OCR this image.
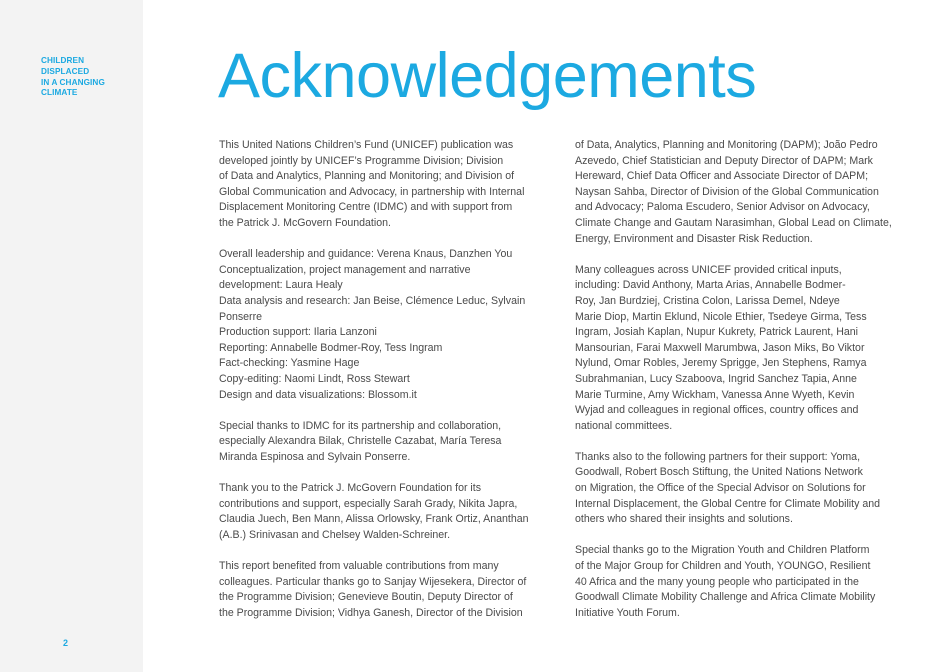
CHILDREN
DISPLACED
IN A CHANGING
CLIMATE
2
Acknowledgements
This United Nations Children’s Fund (UNICEF) publication was
developed jointly by UNICEF’s Programme Division; Division
of Data and Analytics, Planning and Monitoring; and Division of
Global Communication and Advocacy, in partnership with Internal
Displacement Monitoring Centre (IDMC) and with support from
the Patrick J. McGovern Foundation.
Overall leadership and guidance: Verena Knaus, Danzhen You
Conceptualization, project management and narrative
development: Laura Healy
Data analysis and research: Jan Beise, Clémence Leduc, Sylvain
Ponserre
Production support: Ilaria Lanzoni
Reporting: Annabelle Bodmer-Roy, Tess Ingram
Fact-checking: Yasmine Hage
Copy-editing: Naomi Lindt, Ross Stewart
Design and data visualizations: Blossom.it
Special thanks to IDMC for its partnership and collaboration,
especially Alexandra Bilak, Christelle Cazabat, María Teresa
Miranda Espinosa and Sylvain Ponserre.
Thank you to the Patrick J. McGovern Foundation for its
contributions and support, especially Sarah Grady, Nikita Japra,
Claudia Juech, Ben Mann, Alissa Orlowsky, Frank Ortiz, Ananthan
(A.B.) Srinivasan and Chelsey Walden-Schreiner.
This report benefited from valuable contributions from many
colleagues. Particular thanks go to Sanjay Wijesekera, Director of
the Programme Division; Genevieve Boutin, Deputy Director of
the Programme Division; Vidhya Ganesh, Director of the Division
of Data, Analytics, Planning and Monitoring (DAPM); João Pedro
Azevedo, Chief Statistician and Deputy Director of DAPM; Mark
Hereward, Chief Data Officer and Associate Director of DAPM;
Naysan Sahba, Director of Division of the Global Communication
and Advocacy; Paloma Escudero, Senior Advisor on Advocacy,
Climate Change and Gautam Narasimhan, Global Lead on Climate,
Energy, Environment and Disaster Risk Reduction.
Many colleagues across UNICEF provided critical inputs,
including: David Anthony, Marta Arias, Annabelle Bodmer-
Roy, Jan Burdziej, Cristina Colon, Larissa Demel, Ndeye
Marie Diop, Martin Eklund, Nicole Ethier, Tsedeye Girma, Tess
Ingram, Josiah Kaplan, Nupur Kukrety, Patrick Laurent, Hani
Mansourian, Farai Maxwell Marumbwa, Jason Miks, Bo Viktor
Nylund, Omar Robles, Jeremy Sprigge, Jen Stephens, Ramya
Subrahmanian, Lucy Szaboova, Ingrid Sanchez Tapia, Anne
Marie Turmine, Amy Wickham, Vanessa Anne Wyeth, Kevin
Wyjad and colleagues in regional offices, country offices and
national committees.
Thanks also to the following partners for their support: Yoma,
Goodwall, Robert Bosch Stiftung, the United Nations Network
on Migration, the Office of the Special Advisor on Solutions for
Internal Displacement, the Global Centre for Climate Mobility and
others who shared their insights and solutions.
Special thanks go to the Migration Youth and Children Platform
of the Major Group for Children and Youth, YOUNGO, Resilient
40 Africa and the many young people who participated in the
Goodwall Climate Mobility Challenge and Africa Climate Mobility
Initiative Youth Forum.
